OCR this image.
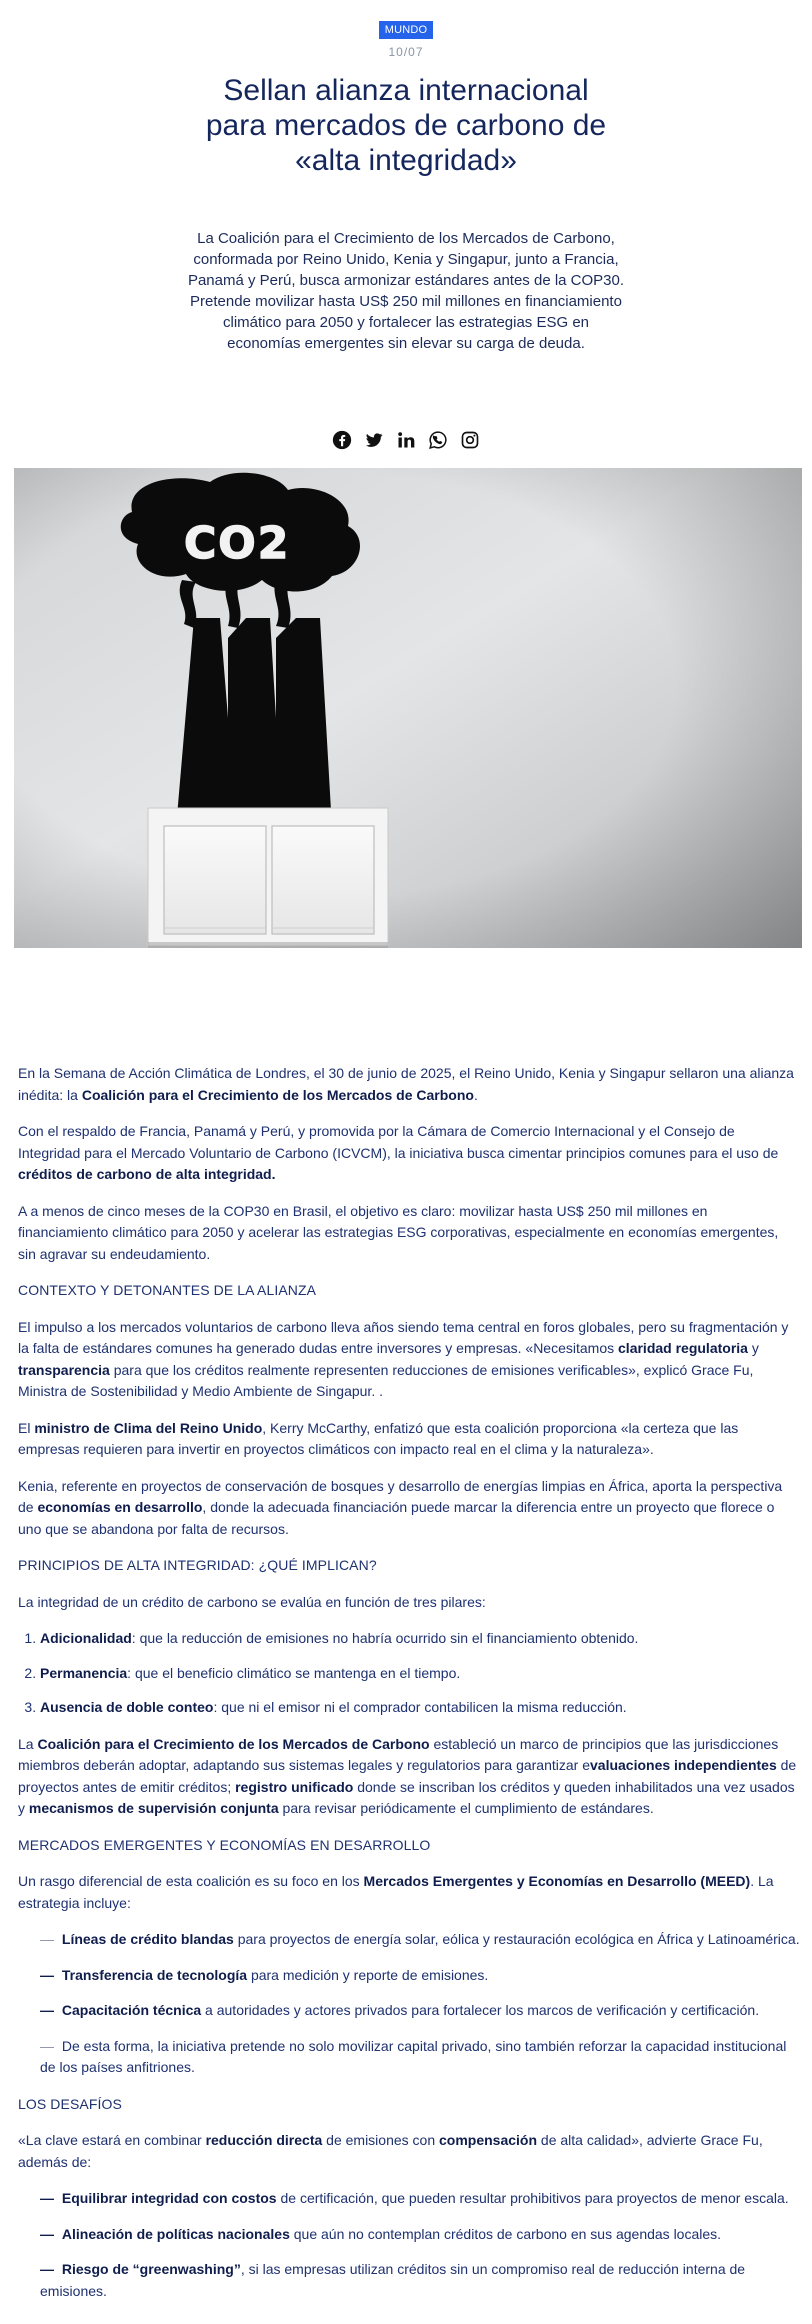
MUNDO
10/07
Sellan alianza internacional para mercados de carbono de «alta integridad»

La Coalición para el Crecimiento de los Mercados de Carbono, conformada por Reino Unido, Kenia y Singapur, junto a Francia, Panamá y Perú, busca armonizar estándares antes de la COP30. Pretende movilizar hasta US$ 250 mil millones en financiamiento climático para 2050 y fortalecer las estrategias ESG en economías emergentes sin elevar su carga de deuda.

CO2

En la Semana de Acción Climática de Londres, el 30 de junio de 2025, el Reino Unido, Kenia y Singapur sellaron una alianza inédita: la Coalición para el Crecimiento de los Mercados de Carbono.

Con el respaldo de Francia, Panamá y Perú, y promovida por la Cámara de Comercio Internacional y el Consejo de Integridad para el Mercado Voluntario de Carbono (ICVCM), la iniciativa busca cimentar principios comunes para el uso de créditos de carbono de alta integridad.

A a menos de cinco meses de la COP30 en Brasil, el objetivo es claro: movilizar hasta US$ 250 mil millones en financiamiento climático para 2050 y acelerar las estrategias ESG corporativas, especialmente en economías emergentes, sin agravar su endeudamiento.

CONTEXTO Y DETONANTES DE LA ALIANZA

El impulso a los mercados voluntarios de carbono lleva años siendo tema central en foros globales, pero su fragmentación y la falta de estándares comunes ha generado dudas entre inversores y empresas. «Necesitamos claridad regulatoria y transparencia para que los créditos realmente representen reducciones de emisiones verificables», explicó Grace Fu, Ministra de Sostenibilidad y Medio Ambiente de Singapur. .

El ministro de Clima del Reino Unido, Kerry McCarthy, enfatizó que esta coalición proporciona «la certeza que las empresas requieren para invertir en proyectos climáticos con impacto real en el clima y la naturaleza».

Kenia, referente en proyectos de conservación de bosques y desarrollo de energías limpias en África, aporta la perspectiva de economías en desarrollo, donde la adecuada financiación puede marcar la diferencia entre un proyecto que florece o uno que se abandona por falta de recursos.

PRINCIPIOS DE ALTA INTEGRIDAD: ¿QUÉ IMPLICAN?

La integridad de un crédito de carbono se evalúa en función de tres pilares:

1. Adicionalidad: que la reducción de emisiones no habría ocurrido sin el financiamiento obtenido.
2. Permanencia: que el beneficio climático se mantenga en el tiempo.
3. Ausencia de doble conteo: que ni el emisor ni el comprador contabilicen la misma reducción.

La Coalición para el Crecimiento de los Mercados de Carbono estableció un marco de principios que las jurisdicciones miembros deberán adoptar, adaptando sus sistemas legales y regulatorios para garantizar evaluaciones independientes de proyectos antes de emitir créditos; registro unificado donde se inscriban los créditos y queden inhabilitados una vez usados y mecanismos de supervisión conjunta para revisar periódicamente el cumplimiento de estándares.

MERCADOS EMERGENTES Y ECONOMÍAS EN DESARROLLO

Un rasgo diferencial de esta coalición es su foco en los Mercados Emergentes y Economías en Desarrollo (MEED). La estrategia incluye:

— Líneas de crédito blandas para proyectos de energía solar, eólica y restauración ecológica en África y Latinoamérica.
— Transferencia de tecnología para medición y reporte de emisiones.
— Capacitación técnica a autoridades y actores privados para fortalecer los marcos de verificación y certificación.
— De esta forma, la iniciativa pretende no solo movilizar capital privado, sino también reforzar la capacidad institucional de los países anfitriones.
LOS DESAFÍOS

«La clave estará en combinar reducción directa de emisiones con compensación de alta calidad», advierte Grace Fu, además de:

— Equilibrar integridad con costos de certificación, que pueden resultar prohibitivos para proyectos de menor escala.
— Alineación de políticas nacionales que aún no contemplan créditos de carbono en sus agendas locales.
— Riesgo de “greenwashing”, si las empresas utilizan créditos sin un compromiso real de reducción interna de emisiones.
